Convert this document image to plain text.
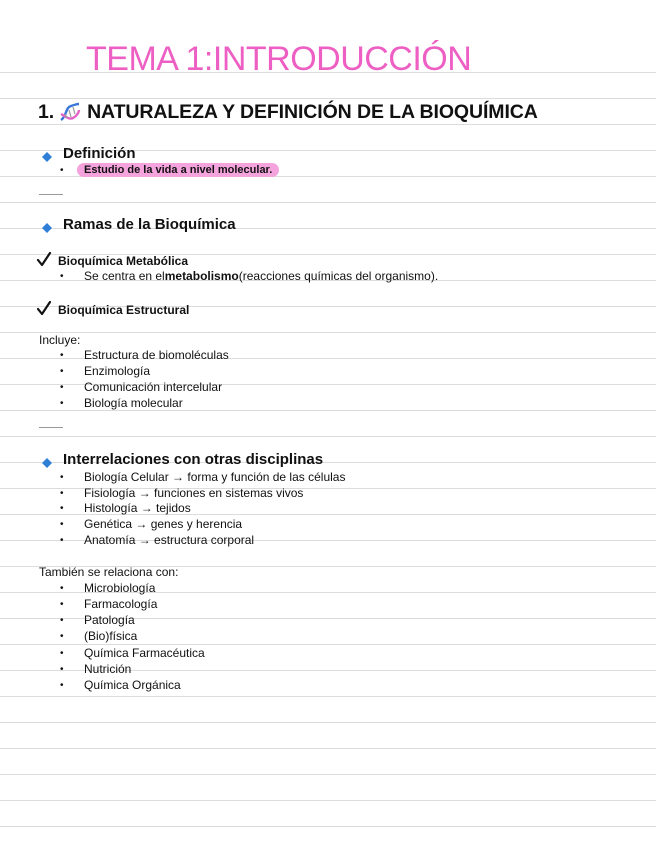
TEMA 1:INTRODUCCIÓN
1. NATURALEZA Y DEFINICIÓN DE LA BIOQUÍMICA
Definición
•	Estudio de la vida a nivel molecular.
Ramas de la Bioquímica
Bioquímica Metabólica
•	Se centra en el metabolismo (reacciones químicas del organismo).
Bioquímica Estructural
Incluye:
•	Estructura de biomoléculas
•	Enzimología
•	Comunicación intercelular
•	Biología molecular
Interrelaciones con otras disciplinas
•	Biología Celular → forma y función de las células
•	Fisiología → funciones en sistemas vivos
•	Histología → tejidos
•	Genética → genes y herencia
•	Anatomía → estructura corporal
También se relaciona con:
•	Microbiología
•	Farmacología
•	Patología
•	(Bio)física
•	Química Farmacéutica
•	Nutrición
•	Química Orgánica
